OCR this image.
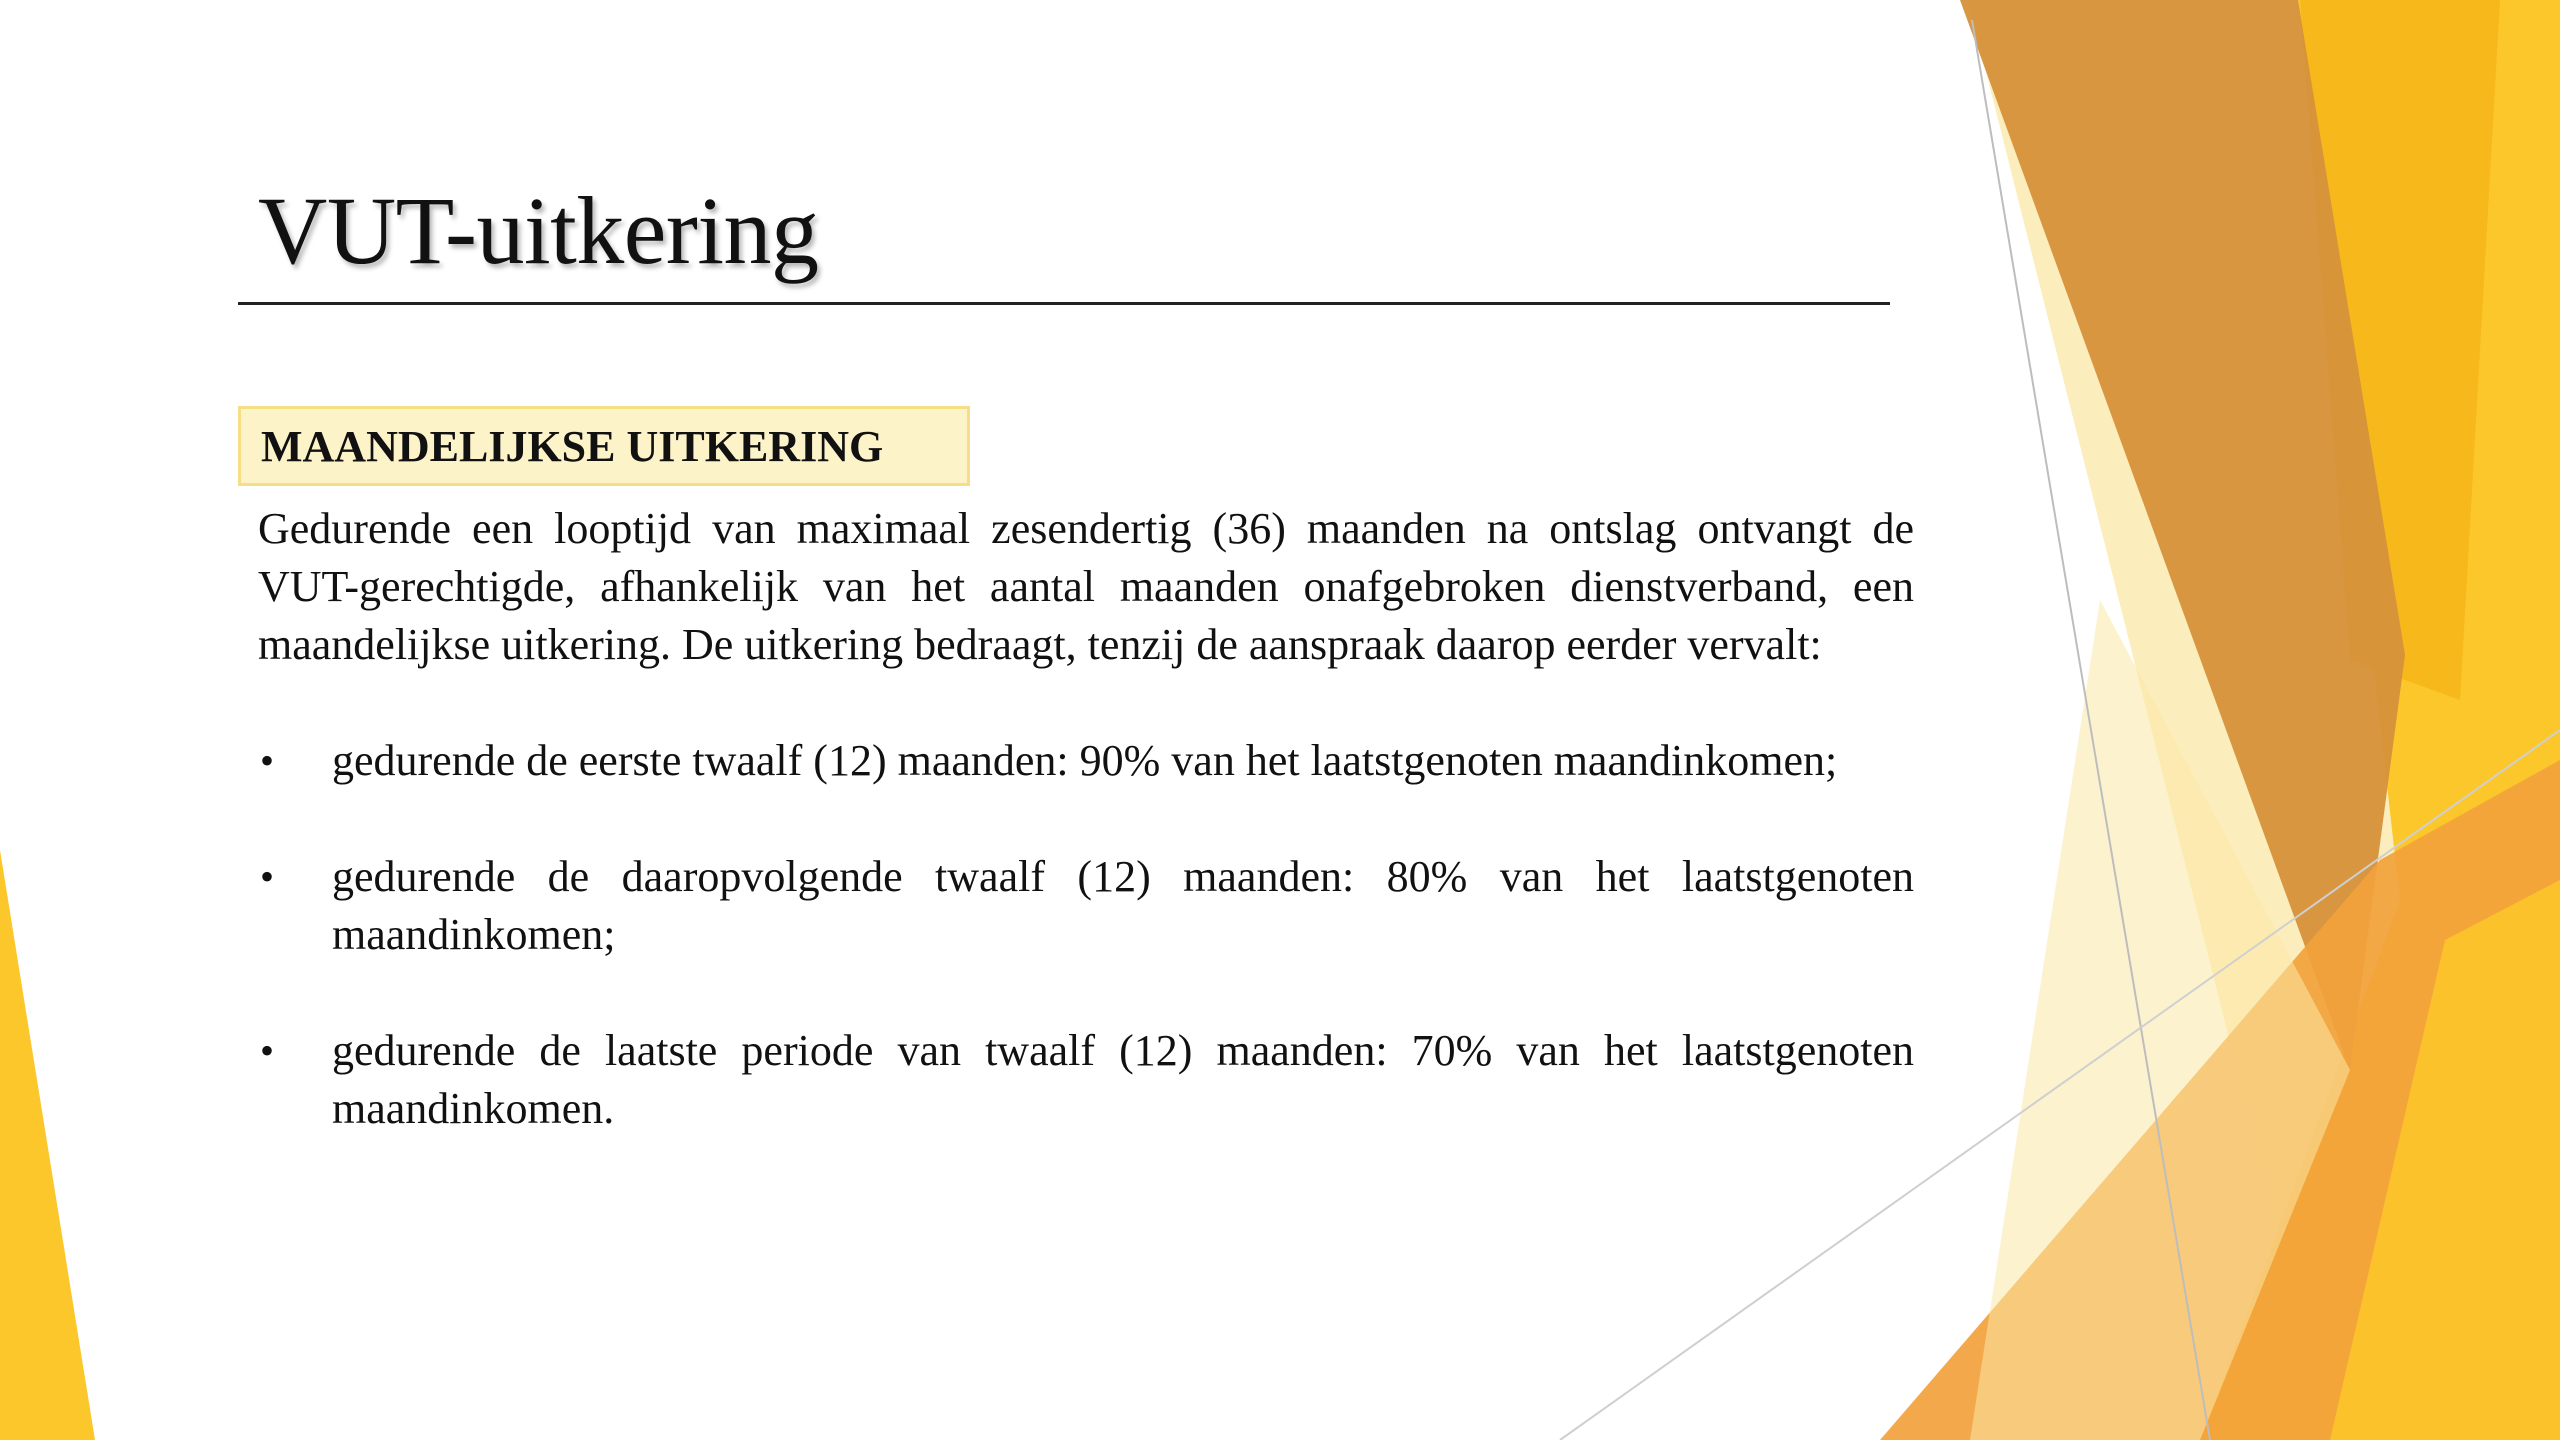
VUT-uitkering
MAANDELIJKSE UITKERING

Gedurende een looptijd van maximaal zesendertig (36) maanden na ontslag ontvangt de VUT-gerechtigde, afhankelijk van het aantal maanden onafgebroken dienstverband, een maandelijkse uitkering. De uitkering bedraagt, tenzij de aanspraak daarop eerder vervalt:

• gedurende de eerste twaalf (12) maanden: 90% van het laatstgenoten maandinkomen;
• gedurende de daaropvolgende twaalf (12) maanden: 80% van het laatstgenoten maandinkomen;
• gedurende de laatste periode van twaalf (12) maanden: 70% van het laatstgenoten maandinkomen.
